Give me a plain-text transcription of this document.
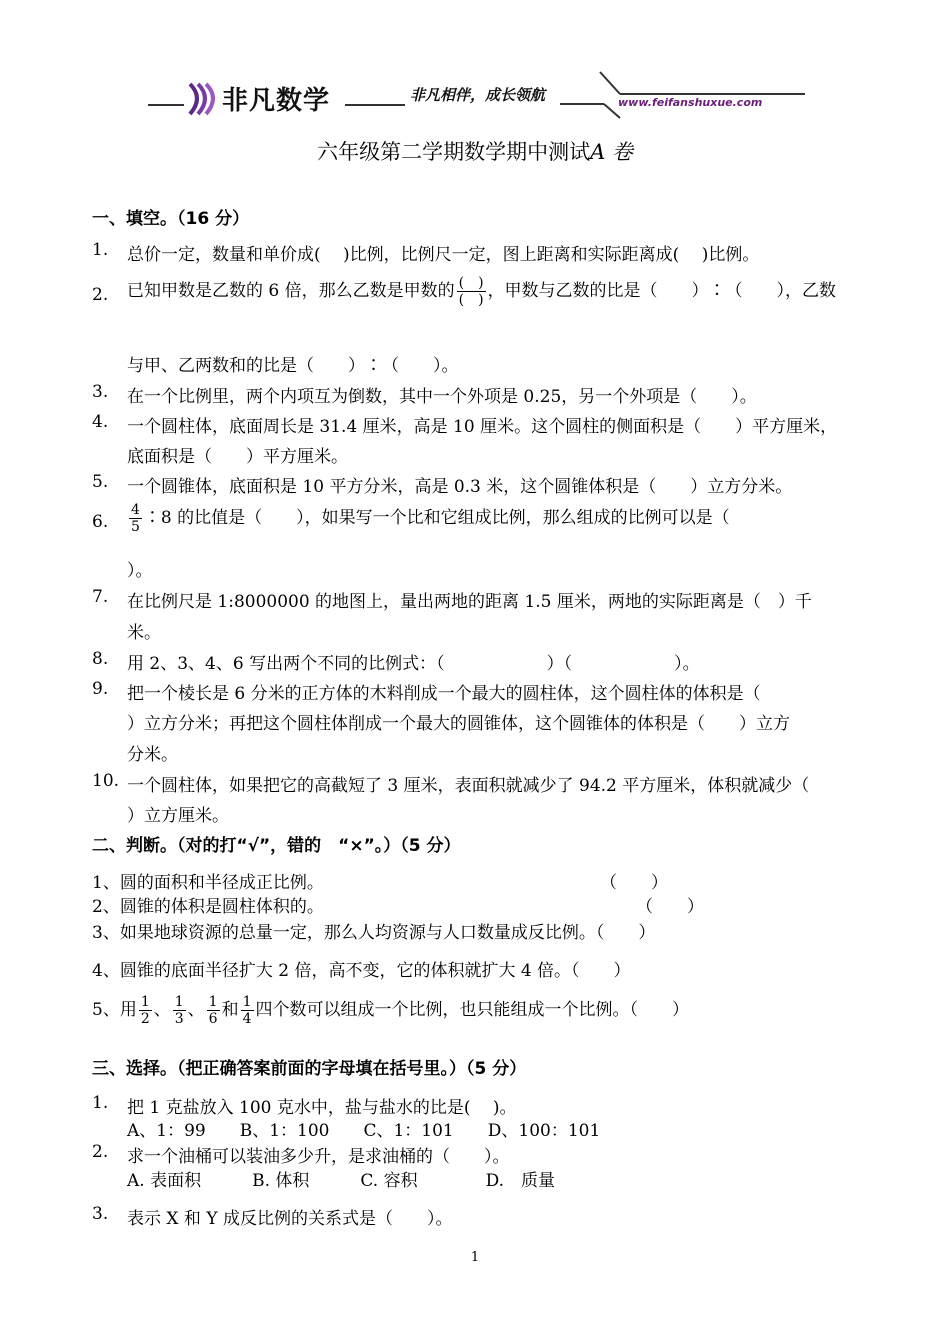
非凡数学	非凡相伴，成长领航	www.feifanshuxue.com
六年级第二学期数学期中测试A 卷
一、填空。（16 分）
1. 总价一定，数量和单价成(　 )比例，比例尺一定，图上距离和实际距离成(　 )比例。
2. 已知甲数是乙数的 6 倍，那么乙数是甲数的 $\frac{( )}{( )}$ ，甲数与乙数的比是（　　）∶（　　），乙数
与甲、乙两数和的比是（　　）∶（　　）。
3. 在一个比例里，两个内项互为倒数，其中一个外项是 0.25，另一个外项是（　　）。
4. 一个圆柱体，底面周长是 31.4 厘米，高是 10 厘米。这个圆柱的侧面积是（　　）平方厘米，
底面积是（　　）平方厘米。
5. 一个圆锥体，底面积是 10 平方分米，高是 0.3 米，这个圆锥体积是（　　）立方分米。
6. $\frac{4}{5}$ ∶8 的比值是（　　），如果写一个比和它组成比例，那么组成的比例可以是（
）。
7. 在比例尺是 1:8000000 的地图上，量出两地的距离 1.5 厘米，两地的实际距离是（　）千
米。
8. 用 2、3、4、6 写出两个不同的比例式：（　　　　　　）（　　　　　　）。
9. 把一个棱长是 6 分米的正方体的木料削成一个最大的圆柱体，这个圆柱体的体积是（
）立方分米；再把这个圆柱体削成一个最大的圆锥体，这个圆锥体的体积是（　　）立方
分米。
10. 一个圆柱体，如果把它的高截短了 3 厘米，表面积就减少了 94.2 平方厘米，体积就减少（
）立方厘米。
二、判断。（对的打“√”，错的　“×”。）（5 分）
1、圆的面积和半径成正比例。	（　　）
2、圆锥的体积是圆柱体积的。	（　　）
3、如果地球资源的总量一定，那么人均资源与人口数量成反比例。（　　）
4、圆锥的底面半径扩大 2 倍，高不变，它的体积就扩大 4 倍。（　　）
5、用 $\frac{1}{2}$ 、 $\frac{1}{3}$ 、 $\frac{1}{6}$ 和 $\frac{1}{4}$ 四个数可以组成一个比例，也只能组成一个比例。（　　）
三、选择。（把正确答案前面的字母填在括号里。）（5 分）
1. 把 1 克盐放入 100 克水中，盐与盐水的比是(　 )。
A、1：99　　B、1：100　　C、1：101　　D、100：101
2. 求一个油桶可以装油多少升，是求油桶的（　　）。
A. 表面积　　　B. 体积　　　C. 容积　　　　D.　质量
3. 表示 X 和 Y 成反比例的关系式是（　　）。
1
